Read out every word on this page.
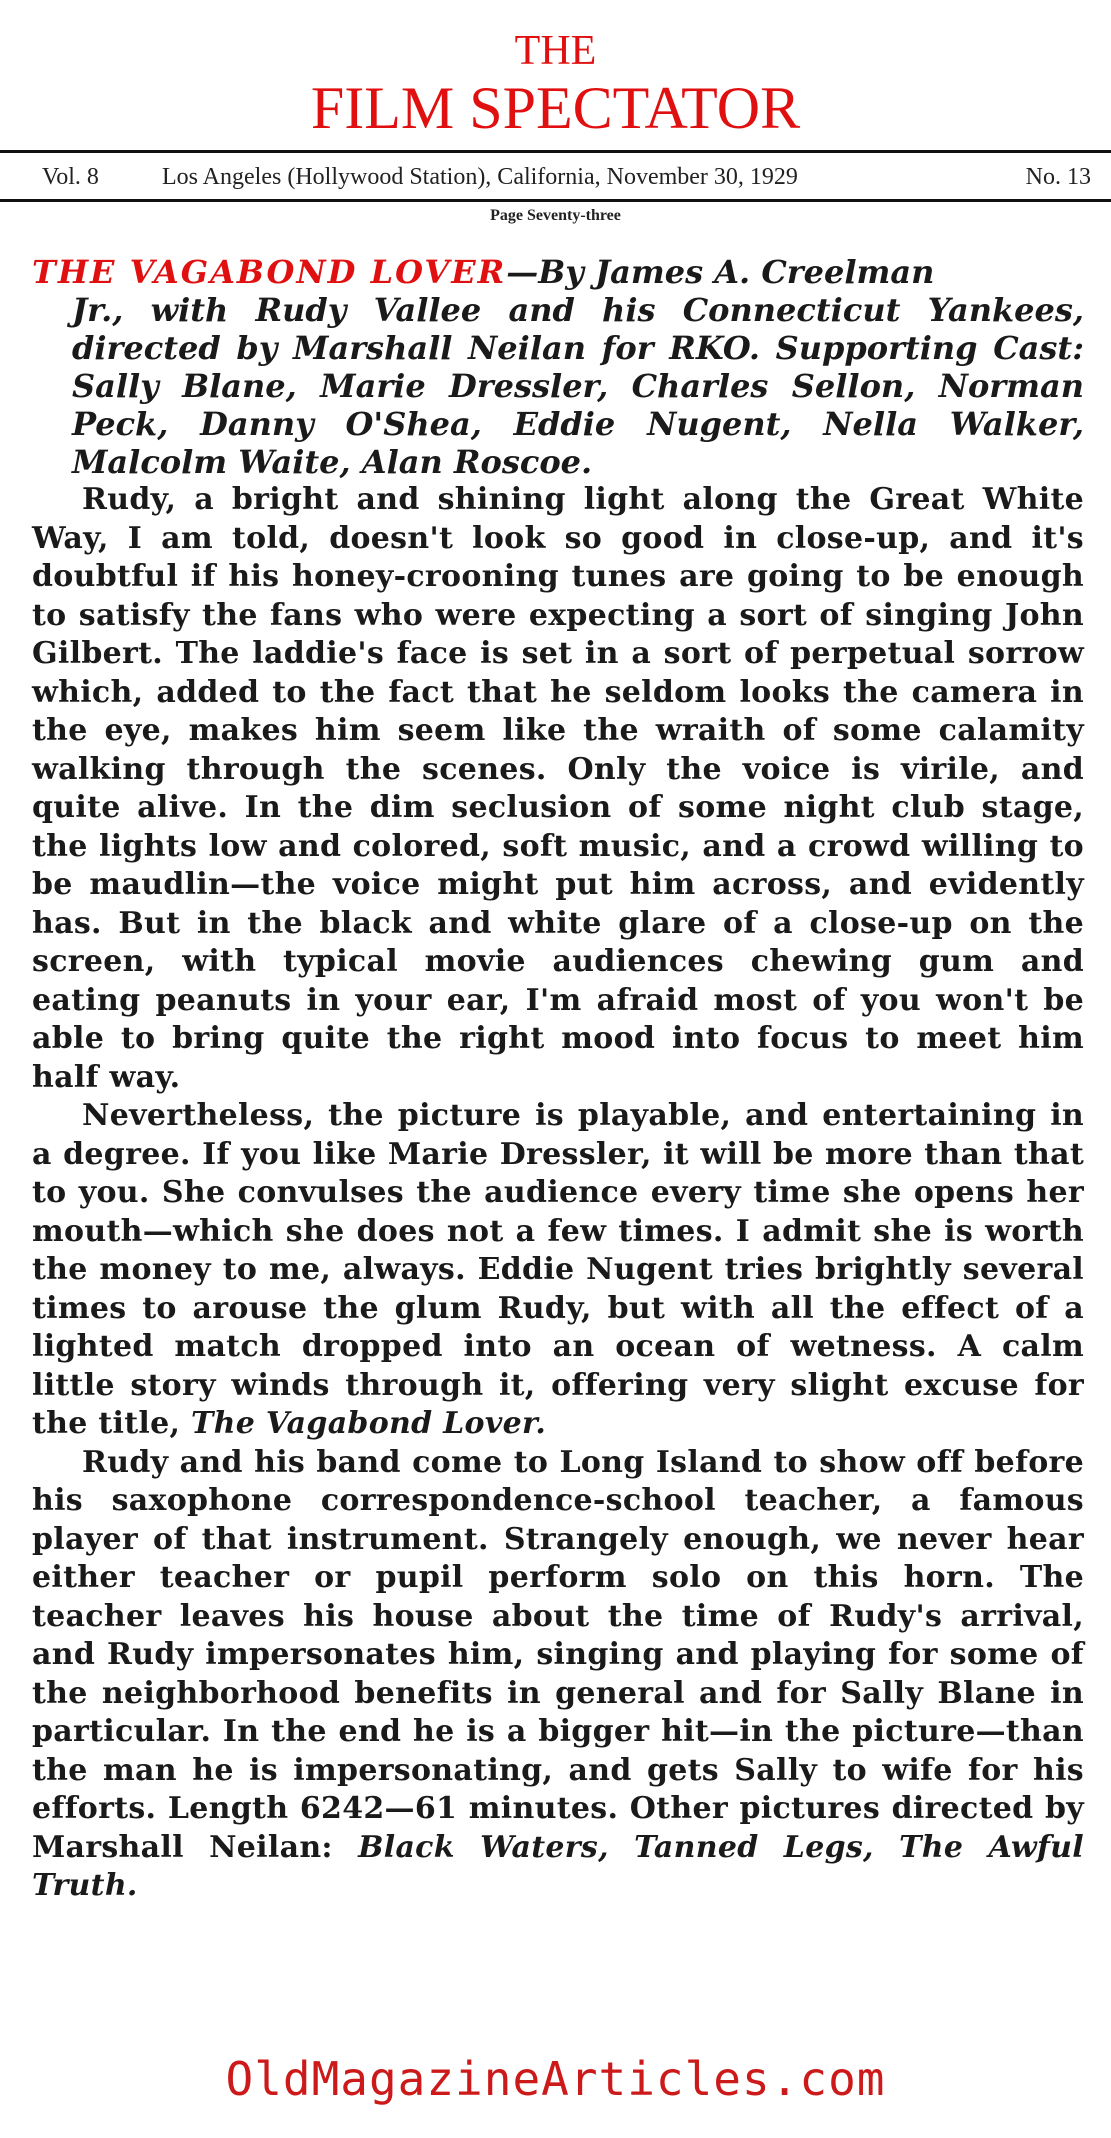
THE
FILM SPECTATOR
Vol. 8	Los Angeles (Hollywood Station), California, November 30, 1929	No. 13
Page Seventy-three

THE VAGABOND LOVER—By James A. Creelman
Jr., with Rudy Vallee and his Connecticut Yankees, directed by Marshall Neilan for RKO. Supporting Cast: Sally Blane, Marie Dressler, Charles Sellon, Norman Peck, Danny O'Shea, Eddie Nugent, Nella Walker, Malcolm Waite, Alan Roscoe.

Rudy, a bright and shining light along the Great White Way, I am told, doesn't look so good in close-up, and it's doubtful if his honey-crooning tunes are going to be enough to satisfy the fans who were expecting a sort of singing John Gilbert. The laddie's face is set in a sort of perpetual sorrow which, added to the fact that he seldom looks the camera in the eye, makes him seem like the wraith of some calamity walking through the scenes. Only the voice is virile, and quite alive. In the dim seclusion of some night club stage, the lights low and colored, soft music, and a crowd willing to be maudlin—the voice might put him across, and evidently has. But in the black and white glare of a close-up on the screen, with typical movie audiences chewing gum and eating peanuts in your ear, I'm afraid most of you won't be able to bring quite the right mood into focus to meet him half way.

Nevertheless, the picture is playable, and entertaining in a degree. If you like Marie Dressler, it will be more than that to you. She convulses the audience every time she opens her mouth—which she does not a few times. I admit she is worth the money to me, always. Eddie Nugent tries brightly several times to arouse the glum Rudy, but with all the effect of a lighted match dropped into an ocean of wetness. A calm little story winds through it, offering very slight excuse for the title, The Vagabond Lover.

Rudy and his band come to Long Island to show off before his saxophone correspondence-school teacher, a famous player of that instrument. Strangely enough, we never hear either teacher or pupil perform solo on this horn. The teacher leaves his house about the time of Rudy's arrival, and Rudy impersonates him, singing and playing for some of the neighborhood benefits in general and for Sally Blane in particular. In the end he is a bigger hit—in the picture—than the man he is impersonating, and gets Sally to wife for his efforts. Length 6242—61 minutes. Other pictures directed by Marshall Neilan: Black Waters, Tanned Legs, The Awful Truth.

OldMagazineArticles.com
